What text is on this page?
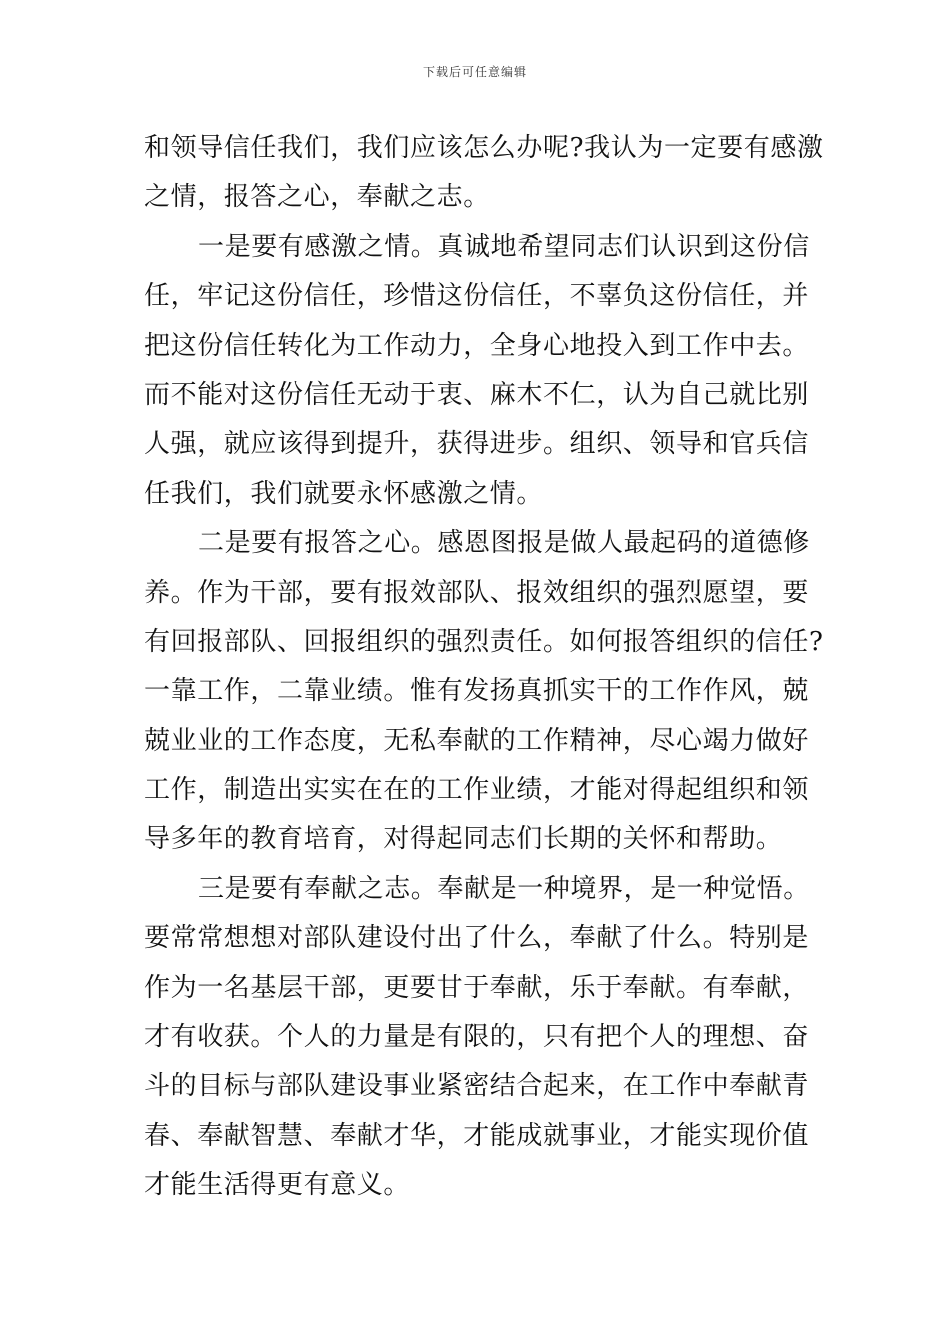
下载后可任意编辑
和领导信任我们，我们应该怎么办呢?我认为一定要有感激
之情，报答之心，奉献之志。
一是要有感激之情。真诚地希望同志们认识到这份信
任，牢记这份信任，珍惜这份信任，不辜负这份信任，并
把这份信任转化为工作动力，全身心地投入到工作中去。
而不能对这份信任无动于衷、麻木不仁，认为自己就比别
人强，就应该得到提升，获得进步。组织、领导和官兵信
任我们，我们就要永怀感激之情。
二是要有报答之心。感恩图报是做人最起码的道德修
养。作为干部，要有报效部队、报效组织的强烈愿望，要
有回报部队、回报组织的强烈责任。如何报答组织的信任?
一靠工作，二靠业绩。惟有发扬真抓实干的工作作风，兢
兢业业的工作态度，无私奉献的工作精神，尽心竭力做好
工作，制造出实实在在的工作业绩，才能对得起组织和领
导多年的教育培育，对得起同志们长期的关怀和帮助。
三是要有奉献之志。奉献是一种境界，是一种觉悟。
要常常想想对部队建设付出了什么，奉献了什么。特别是
作为一名基层干部，更要甘于奉献，乐于奉献。有奉献，
才有收获。个人的力量是有限的，只有把个人的理想、奋
斗的目标与部队建设事业紧密结合起来，在工作中奉献青
春、奉献智慧、奉献才华，才能成就事业，才能实现价值
才能生活得更有意义。
